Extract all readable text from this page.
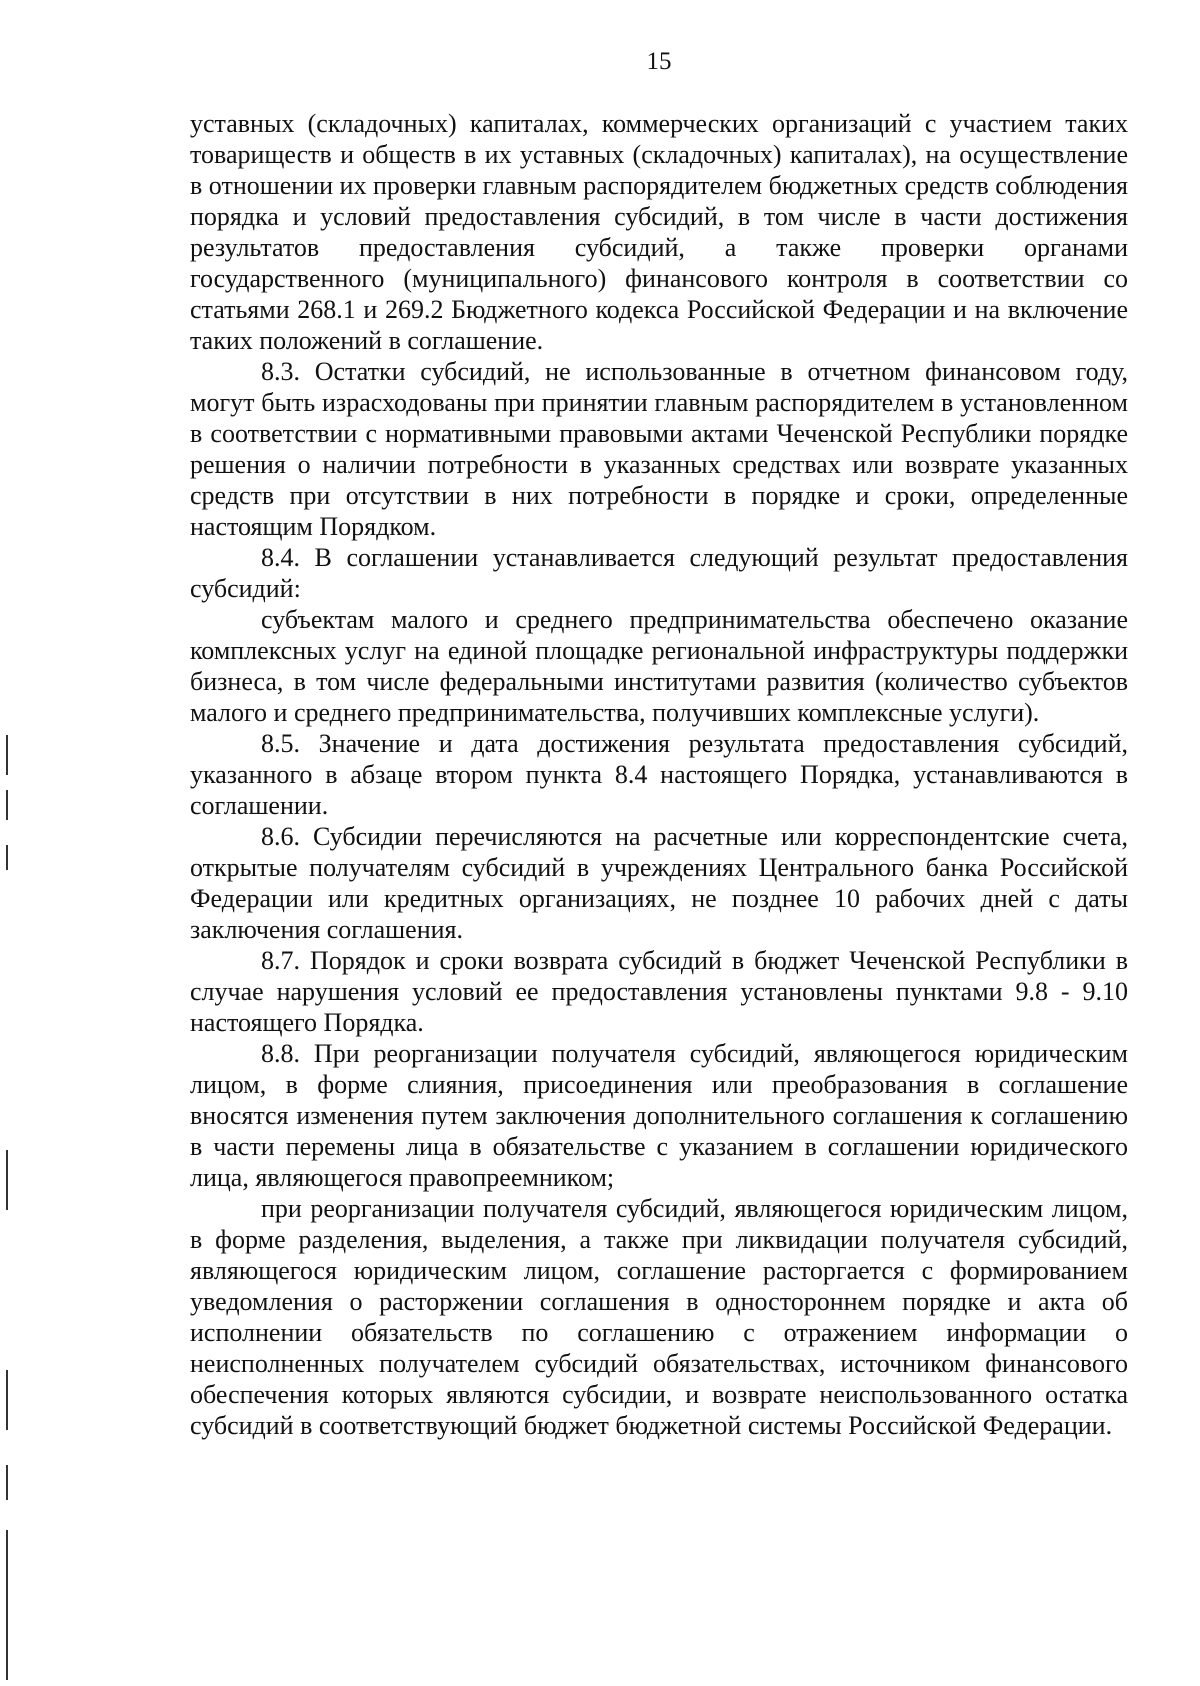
15

уставных (складочных) капиталах, коммерческих организаций с участием таких товариществ и обществ в их уставных (складочных) капиталах), на осуществление в отношении их проверки главным распорядителем бюджетных средств соблюдения порядка и условий предоставления субсидий, в том числе в части достижения результатов предоставления субсидий, а также проверки органами государственного (муниципального) финансового контроля в соответствии со статьями 268.1 и 269.2 Бюджетного кодекса Российской Федерации и на включение таких положений в соглашение.

8.3. Остатки субсидий, не использованные в отчетном финансовом году, могут быть израсходованы при принятии главным распорядителем в установленном в соответствии с нормативными правовыми актами Чеченской Республики порядке решения о наличии потребности в указанных средствах или возврате указанных средств при отсутствии в них потребности в порядке и сроки, определенные настоящим Порядком.

8.4. В соглашении устанавливается следующий результат предоставления субсидий:

субъектам малого и среднего предпринимательства обеспечено оказание комплексных услуг на единой площадке региональной инфраструктуры поддержки бизнеса, в том числе федеральными институтами развития (количество субъектов малого и среднего предпринимательства, получивших комплексные услуги).

8.5. Значение и дата достижения результата предоставления субсидий, указанного в абзаце втором пункта 8.4 настоящего Порядка, устанавливаются в соглашении.

8.6. Субсидии перечисляются на расчетные или корреспондентские счета, открытые получателям субсидий в учреждениях Центрального банка Российской Федерации или кредитных организациях, не позднее 10 рабочих дней с даты заключения соглашения.

8.7. Порядок и сроки возврата субсидий в бюджет Чеченской Республики в случае нарушения условий ее предоставления установлены пунктами 9.8 - 9.10 настоящего Порядка.

8.8. При реорганизации получателя субсидий, являющегося юридическим лицом, в форме слияния, присоединения или преобразования в соглашение вносятся изменения путем заключения дополнительного соглашения к соглашению в части перемены лица в обязательстве с указанием в соглашении юридического лица, являющегося правопреемником;

при реорганизации получателя субсидий, являющегося юридическим лицом, в форме разделения, выделения, а также при ликвидации получателя субсидий, являющегося юридическим лицом, соглашение расторгается с формированием уведомления о расторжении соглашения в одностороннем порядке и акта об исполнении обязательств по соглашению с отражением информации о неисполненных получателем субсидий обязательствах, источником финансового обеспечения которых являются субсидии, и возврате неиспользованного остатка субсидий в соответствующий бюджет бюджетной системы Российской Федерации.
